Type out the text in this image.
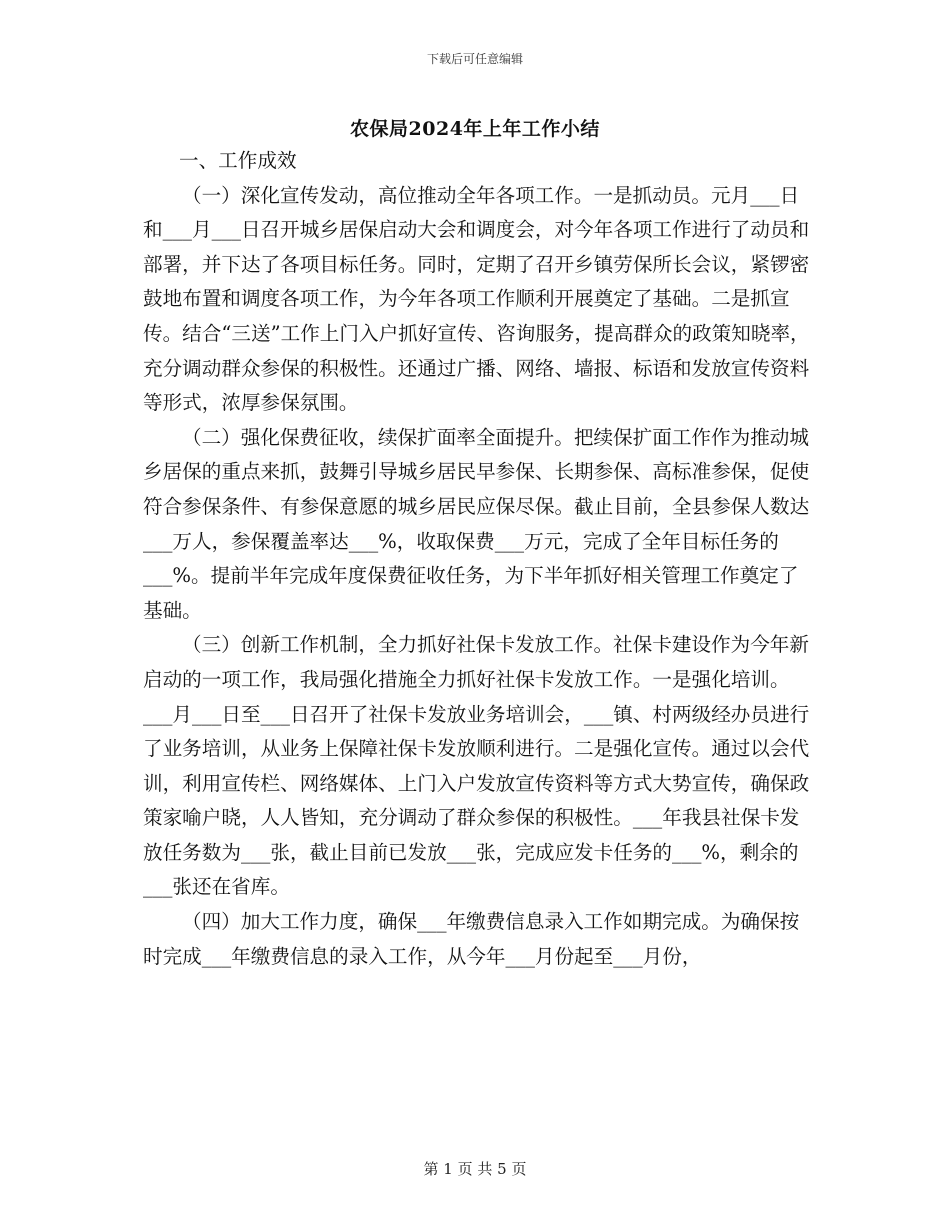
下载后可任意编辑
农保局2024年上年工作小结

一、工作成效

（一）深化宣传发动，高位推动全年各项工作。一是抓动员。元月___日和___月___日召开城乡居保启动大会和调度会，对今年各项工作进行了动员和部署，并下达了各项目标任务。同时，定期了召开乡镇劳保所长会议，紧锣密鼓地布置和调度各项工作，为今年各项工作顺利开展奠定了基础。二是抓宣传。结合“三送”工作上门入户抓好宣传、咨询服务，提高群众的政策知晓率，充分调动群众参保的积极性。还通过广播、网络、墙报、标语和发放宣传资料等形式，浓厚参保氛围。

（二）强化保费征收，续保扩面率全面提升。把续保扩面工作作为推动城乡居保的重点来抓，鼓舞引导城乡居民早参保、长期参保、高标准参保，促使符合参保条件、有参保意愿的城乡居民应保尽保。截止目前，全县参保人数达___万人，参保覆盖率达___%，收取保费___万元，完成了全年目标任务的___%。提前半年完成年度保费征收任务，为下半年抓好相关管理工作奠定了基础。

（三）创新工作机制，全力抓好社保卡发放工作。社保卡建设作为今年新启动的一项工作，我局强化措施全力抓好社保卡发放工作。一是强化培训。___月___日至___日召开了社保卡发放业务培训会，___镇、村两级经办员进行了业务培训，从业务上保障社保卡发放顺利进行。二是强化宣传。通过以会代训，利用宣传栏、网络媒体、上门入户发放宣传资料等方式大势宣传，确保政策家喻户晓，人人皆知，充分调动了群众参保的积极性。___年我县社保卡发放任务数为___张，截止目前已发放___张，完成应发卡任务的___%，剩余的___张还在省库。

（四）加大工作力度，确保___年缴费信息录入工作如期完成。为确保按时完成___年缴费信息的录入工作，从今年___月份起至___月份，

第 1 页 共 5 页
